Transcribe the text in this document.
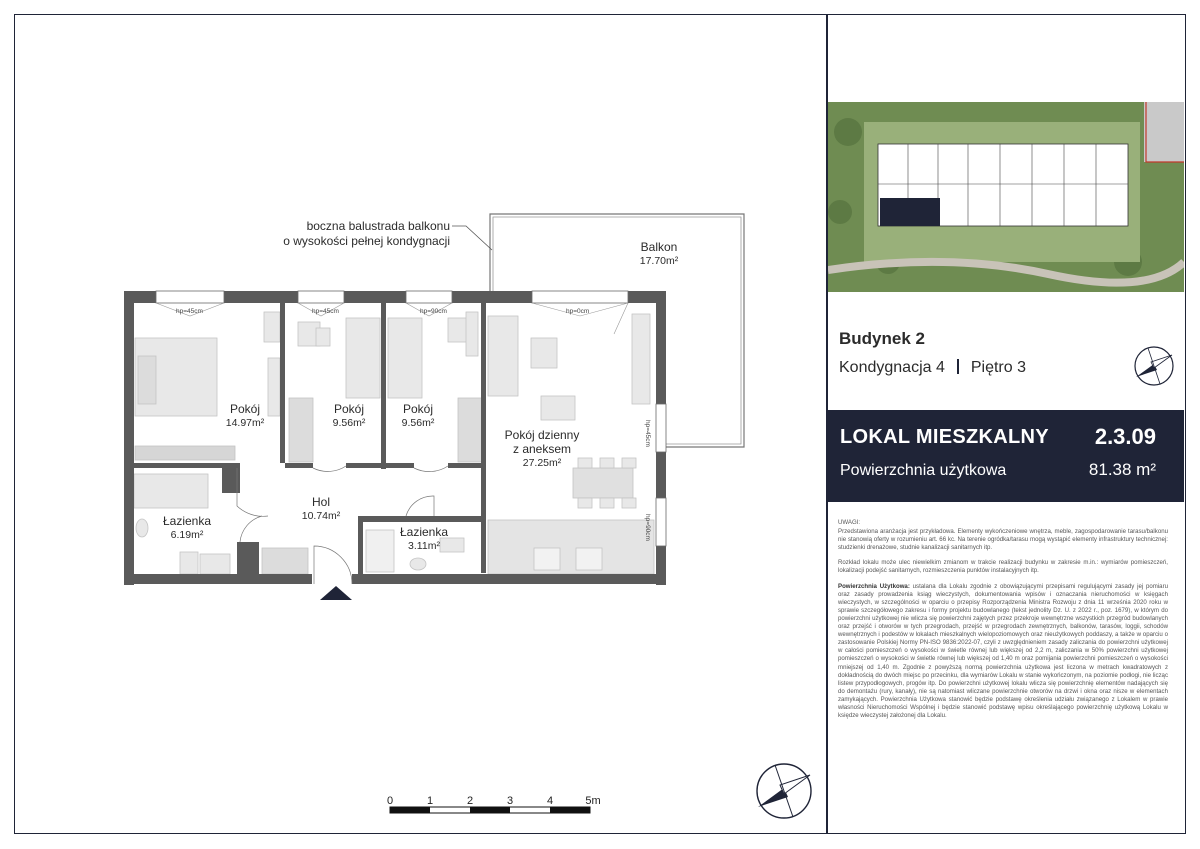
boczna balustrada balkonu
o wysokości pełnej kondygnacji
hp=45cm	hp=45cm	hp=90cm	hp=0cm
hp=45cm
hp=90cm
Pokój
14.97m²
Pokój
9.56m²
Pokój
9.56m²
Pokój dzienny
z aneksem
27.25m²
Hol
10.74m²
Łazienka
6.19m²	Łazienka
3.11m²
Balkon
17.70m²
0	1	2	3	4	5m
Budynek 2
Kondygnacja 4 Piętro 3
LOKAL MIESZKALNY 2.3.09
Powierzchnia użytkowa	81.38 m²

UWAGI:

Przedstawiona aranżacja jest przykładowa. Elementy wykończeniowe wnętrza, meble, zagospodarowanie tarasu/balkonu nie stanowią oferty w rozumieniu art. 66 kc. Na terenie ogródka/tarasu mogą wystąpić elementy infrastruktury technicznej: studzienki drenażowe, studnie kanalizacji sanitarnych itp.

Rozkład lokalu może ulec niewielkim zmianom w trakcie realizacji budynku w zakresie m.in.: wymiarów pomieszczeń, lokalizacji podejść sanitarnych, rozmieszczenia punktów instalacyjnych itp.

Powierzchnia Użytkowa: ustalana dla Lokalu zgodnie z obowiązującymi przepisami regulującymi zasady jej pomiaru oraz zasady prowadzenia ksiąg wieczystych, dokumentowania wpisów i oznaczania nieruchomości w księgach wieczystych, w szczególności w oparciu o przepisy Rozporządzenia Ministra Rozwoju z dnia 11 września 2020 roku w sprawie szczegółowego zakresu i formy projektu budowlanego (tekst jednolity Dz. U. z 2022 r., poz. 1679), w którym do powierzchni użytkowej nie wlicza się powierzchni zajętych przez przekroje wewnętrzne wszystkich przegród budowlanych oraz przejść i otworów w tych przegrodach, przejść w przegrodach zewnętrznych, balkonów, tarasów, loggii, schodów wewnętrznych i podestów w lokalach mieszkalnych wielopoziomowych oraz nieużytkowych poddaszy, a także w oparciu o zastosowanie Polskiej Normy PN-ISO 9836:2022-07, czyli z uwzględnieniem zasady zaliczania do powierzchni użytkowej w całości pomieszczeń o wysokości w świetle równej lub większej od 2,2 m, zaliczania w 50% powierzchni użytkowej pomieszczeń o wysokości w świetle równej lub większej od 1,40 m oraz pomijania powierzchni pomieszczeń o wysokości mniejszej od 1,40 m. Zgodnie z powyższą normą powierzchnia użytkowa jest liczona w metrach kwadratowych z dokładnością do dwóch miejsc po przecinku, dla wymiarów Lokalu w stanie wykończonym, na poziomie podłogi, nie licząc listew przypodłogowych, progów itp. Do powierzchni użytkowej lokalu wlicza się powierzchnię elementów nadających się do demontażu (rury, kanały), nie są natomiast wliczane powierzchnie otworów na drzwi i okna oraz nisze w elementach zamykających. Powierzchnia Użytkowa stanowić będzie podstawę określenia udziału związanego z Lokalem w prawie własności Nieruchomości Wspólnej i będzie stanowić podstawę wpisu określającego powierzchnię użytkową Lokalu w księdze wieczystej założonej dla Lokalu.
